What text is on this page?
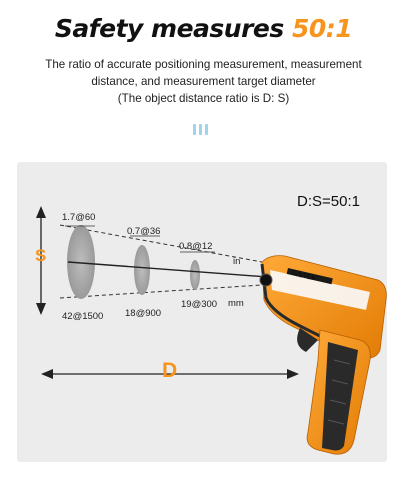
Safety measures 50:1
The ratio of accurate positioning measurement, measurement
distance, and measurement target diameter
(The object distance ratio is D: S)
D:S=50:1
1.7@60
0.7@36
0.8@12
in
42@1500 18@900
19@300 mm
S
D
AISTEK
